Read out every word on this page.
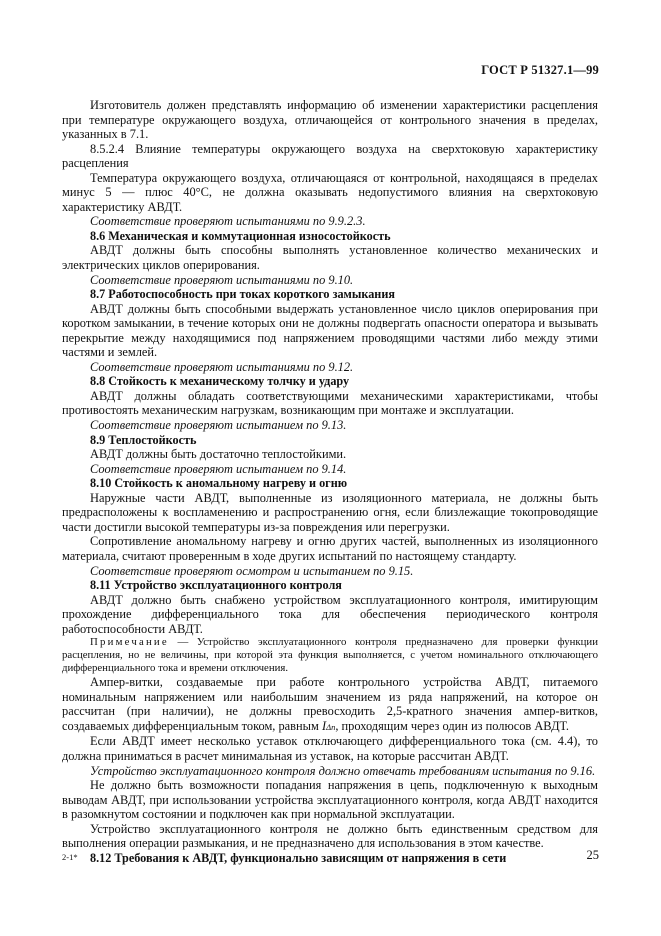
ГОСТ Р 51327.1—99

Изготовитель должен представлять информацию об изменении характеристики расцепления при температуре окружающего воздуха, отличающейся от контрольного значения в пределах, указанных в 7.1.

8.5.2.4 Влияние температуры окружающего воздуха на сверхтоковую характеристику расцепления

Температура окружающего воздуха, отличающаяся от контрольной, находящаяся в пределах минус 5 — плюс 40°С, не должна оказывать недопустимого влияния на сверхтоковую характеристику АВДТ.

Соответствие проверяют испытаниями по 9.9.2.3.

8.6 Механическая и коммутационная износостойкость

АВДТ должны быть способны выполнять установленное количество механических и электрических циклов оперирования.

Соответствие проверяют испытаниями по 9.10.

8.7 Работоспособность при токах короткого замыкания

АВДТ должны быть способными выдержать установленное число циклов оперирования при коротком замыкании, в течение которых они не должны подвергать опасности оператора и вызывать перекрытие между находящимися под напряжением проводящими частями либо между этими частями и землей.

Соответствие проверяют испытаниями по 9.12.

8.8 Стойкость к механическому толчку и удару

АВДТ должны обладать соответствующими механическими характеристиками, чтобы противостоять механическим нагрузкам, возникающим при монтаже и эксплуатации.

Соответствие проверяют испытанием по 9.13.

8.9 Теплостойкость

АВДТ должны быть достаточно теплостойкими.

Соответствие проверяют испытанием по 9.14.

8.10 Стойкость к аномальному нагреву и огню

Наружные части АВДТ, выполненные из изоляционного материала, не должны быть предрасположены к воспламенению и распространению огня, если близлежащие токопроводящие части достигли высокой температуры из-за повреждения или перегрузки.

Сопротивление аномальному нагреву и огню других частей, выполненных из изоляционного материала, считают проверенным в ходе других испытаний по настоящему стандарту.

Соответствие проверяют осмотром и испытанием по 9.15.

8.11 Устройство эксплуатационного контроля

АВДТ должно быть снабжено устройством эксплуатационного контроля, имитирующим прохождение дифференциального тока для обеспечения периодического контроля работоспособности АВДТ.

Примечание — Устройство эксплуатационного контроля предназначено для проверки функции расцепления, но не величины, при которой эта функция выполняется, с учетом номинального отключающего дифференциального тока и времени отключения.

Ампер-витки, создаваемые при работе контрольного устройства АВДТ, питаемого номинальным напряжением или наибольшим значением из ряда напряжений, на которое он рассчитан (при наличии), не должны превосходить 2,5-кратного значения ампер-витков, создаваемых дифференциальным током, равным IΔn, проходящим через один из полюсов АВДТ.

Если АВДТ имеет несколько уставок отключающего дифференциального тока (см. 4.4), то должна приниматься в расчет минимальная из уставок, на которые рассчитан АВДТ.

Устройство эксплуатационного контроля должно отвечать требованиям испытания по 9.16.

Не должно быть возможности попадания напряжения в цепь, подключенную к выходным выводам АВДТ, при использовании устройства эксплуатационного контроля, когда АВДТ находится в разомкнутом состоянии и подключен как при нормальной эксплуатации.

Устройство эксплуатационного контроля не должно быть единственным средством для выполнения операции размыкания, и не предназначено для использования в этом качестве.

8.12 Требования к АВДТ, функционально зависящим от напряжения в сети

2-1*	25
